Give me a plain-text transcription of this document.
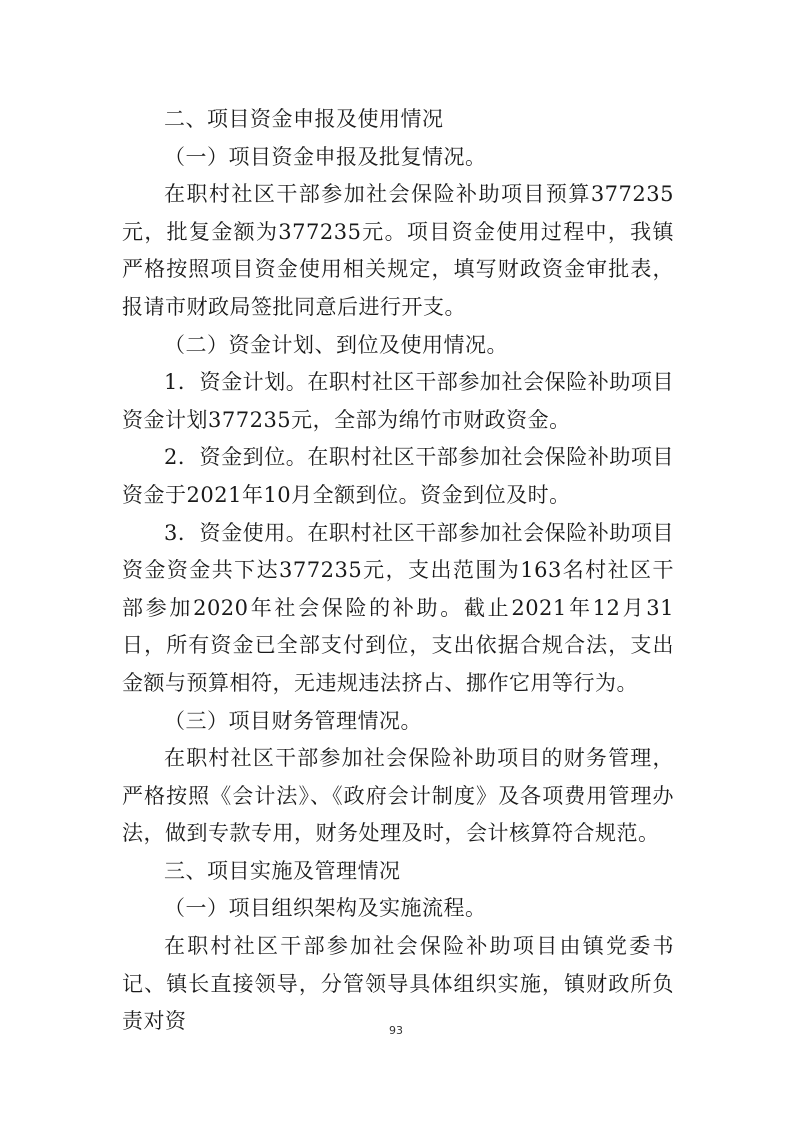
二、项目资金申报及使用情况

（一）项目资金申报及批复情况。

在职村社区干部参加社会保险补助项目预算377235元，批复金额为377235元。项目资金使用过程中，我镇严格按照项目资金使用相关规定，填写财政资金审批表，报请市财政局签批同意后进行开支。

（二）资金计划、到位及使用情况。

1．资金计划。在职村社区干部参加社会保险补助项目资金计划377235元，全部为绵竹市财政资金。

2．资金到位。在职村社区干部参加社会保险补助项目资金于2021年10月全额到位。资金到位及时。

3．资金使用。在职村社区干部参加社会保险补助项目资金资金共下达377235元，支出范围为163名村社区干部参加2020年社会保险的补助。截止2021年12月31日，所有资金已全部支付到位，支出依据合规合法，支出金额与预算相符，无违规违法挤占、挪作它用等行为。

（三）项目财务管理情况。

在职村社区干部参加社会保险补助项目的财务管理，严格按照《会计法》、《政府会计制度》及各项费用管理办法，做到专款专用，财务处理及时，会计核算符合规范。

三、项目实施及管理情况

（一）项目组织架构及实施流程。

在职村社区干部参加社会保险补助项目由镇党委书记、镇长直接领导，分管领导具体组织实施，镇财政所负责对资	93
